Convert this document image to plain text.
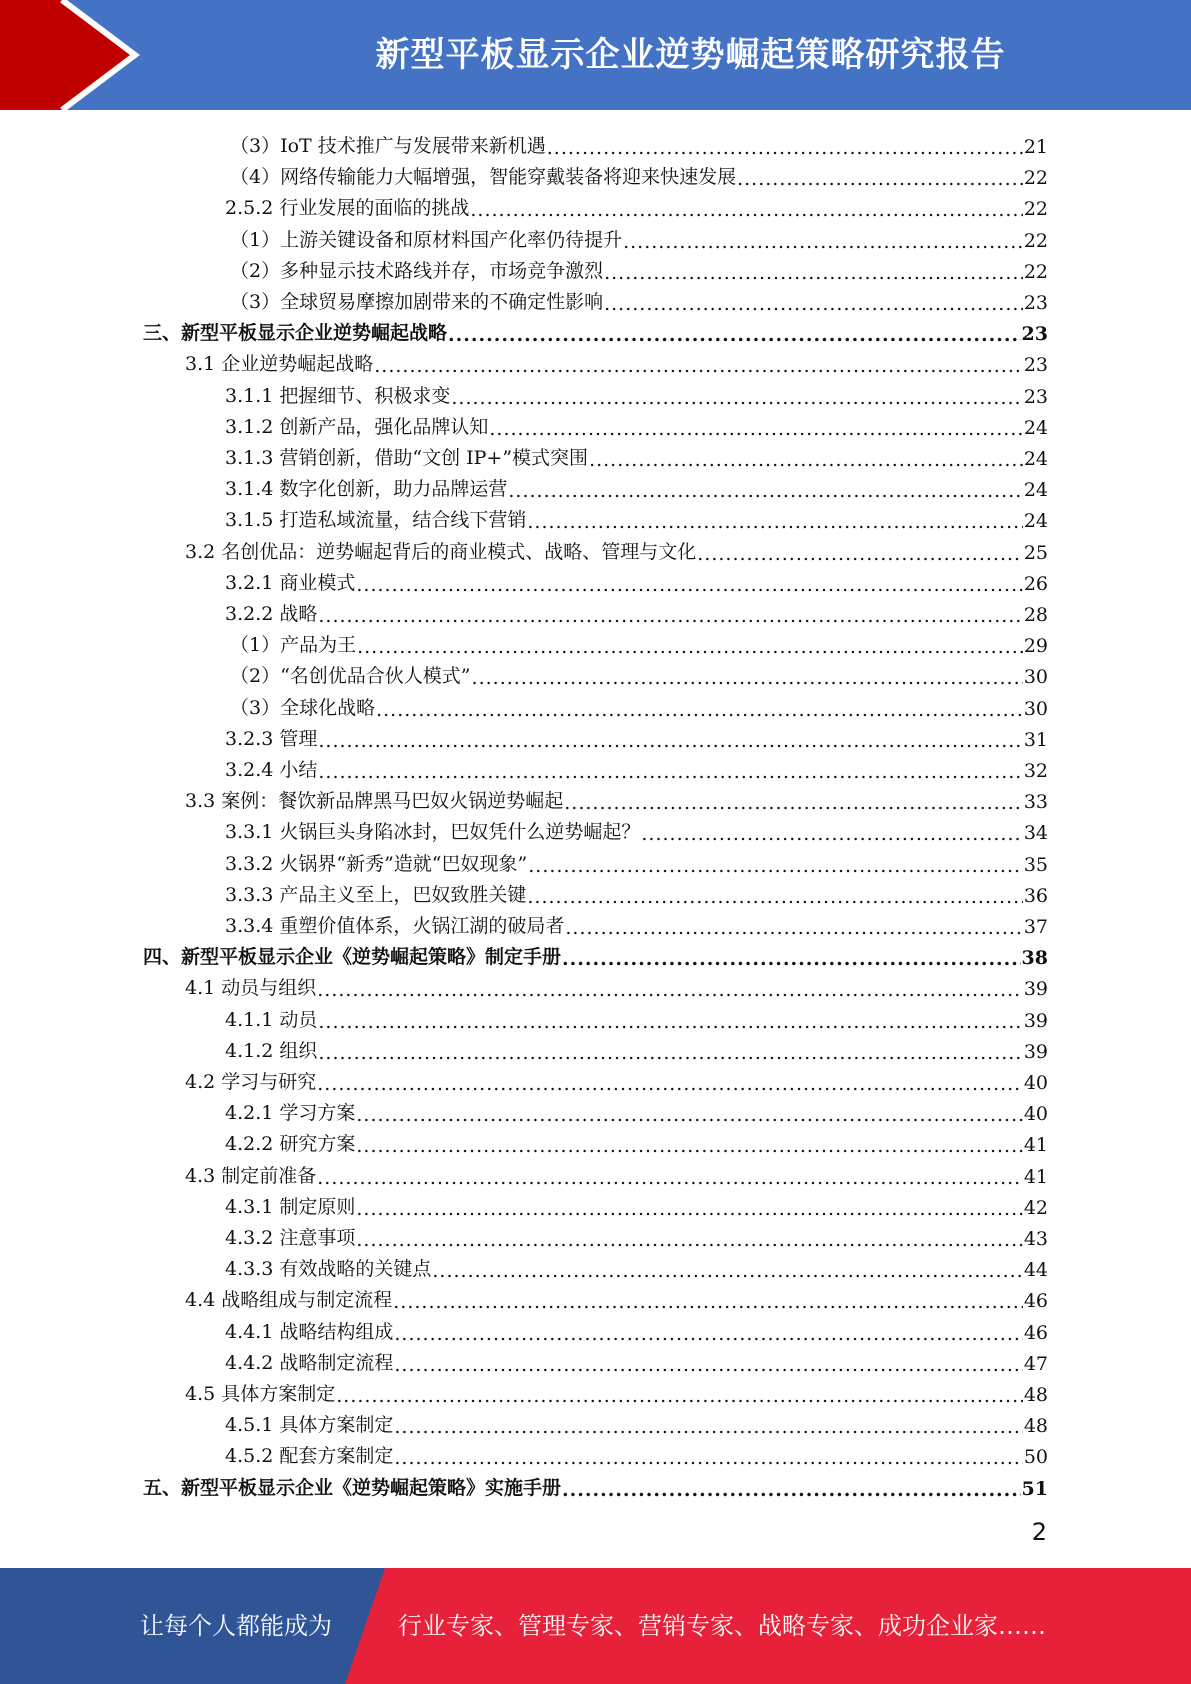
新型平板显示企业逆势崛起策略研究报告
（3）IoT 技术推广与发展带来新机遇 .....	21
（4）网络传输能力大幅增强，智能穿戴装备将迎来快速发展 .....	22
2.5.2 行业发展的面临的挑战 .....	22
（1）上游关键设备和原材料国产化率仍待提升 .....	22
（2）多种显示技术路线并存，市场竞争激烈 .....	22
（3）全球贸易摩擦加剧带来的不确定性影响 .....	23
三、新型平板显示企业逆势崛起战略 .....	23
3.1 企业逆势崛起战略 .....	23
3.1.1 把握细节、积极求变 .....	23
3.1.2 创新产品，强化品牌认知 .....	24
3.1.3 营销创新，借助“文创 IP+”模式突围 .....	24
3.1.4 数字化创新，助力品牌运营 .....	24
3.1.5 打造私域流量，结合线下营销 .....	24
3.2 名创优品：逆势崛起背后的商业模式、战略、管理与文化 .....	25
3.2.1 商业模式 .....	26
3.2.2 战略 .....	28
（1）产品为王 .....	29
（2）“名创优品合伙人模式” .....	30
（3）全球化战略 .....	30
3.2.3 管理 .....	31
3.2.4 小结 .....	32
3.3 案例：餐饮新品牌黑马巴奴火锅逆势崛起 .....	33
3.3.1 火锅巨头身陷冰封，巴奴凭什么逆势崛起？ .....	34
3.3.2 火锅界“新秀”造就“巴奴现象” .....	35
3.3.3 产品主义至上，巴奴致胜关键 .....	36
3.3.4 重塑价值体系，火锅江湖的破局者 .....	37
四、新型平板显示企业《逆势崛起策略》制定手册 .....	38
4.1 动员与组织 .....	39
4.1.1 动员 .....	39
4.1.2 组织 .....	39
4.2 学习与研究 .....	40
4.2.1 学习方案 .....	40
4.2.2 研究方案 .....	41
4.3 制定前准备 .....	41
4.3.1 制定原则 .....	42
4.3.2 注意事项 .....	43
4.3.3 有效战略的关键点 .....	44
4.4 战略组成与制定流程 .....	46
4.4.1 战略结构组成 .....	46
4.4.2 战略制定流程 .....	47
4.5 具体方案制定 .....	48
4.5.1 具体方案制定 .....	48
4.5.2 配套方案制定 .....	50
五、新型平板显示企业《逆势崛起策略》实施手册 .....	51
2
让每个人都能成为	行业专家、管理专家、营销专家、战略专家、成功企业家……
